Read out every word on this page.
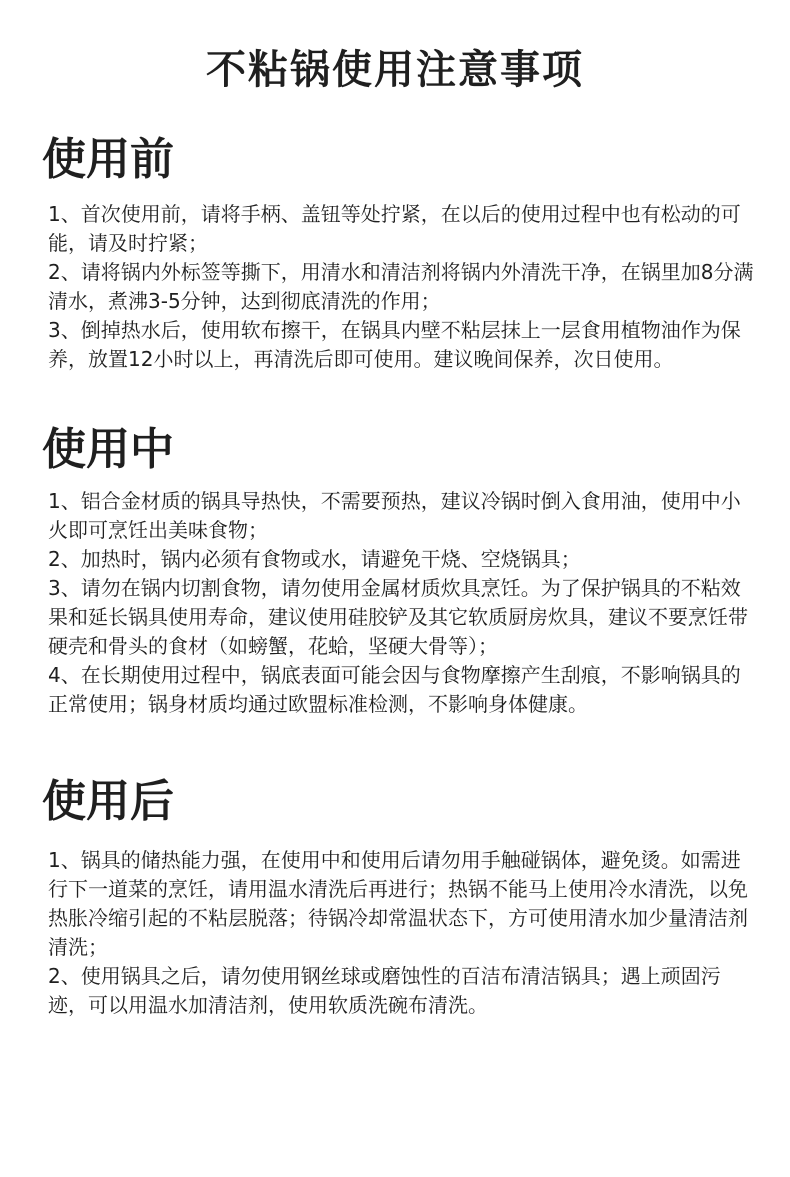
不粘锅使用注意事项
使用前

1、首次使用前，请将手柄、盖钮等处拧紧，在以后的使用过程中也有松动的可能，请及时拧紧；

2、请将锅内外标签等撕下，用清水和清洁剂将锅内外清洗干净，在锅里加8分满清水，煮沸3-5分钟，达到彻底清洗的作用；

3、倒掉热水后，使用软布擦干，在锅具内壁不粘层抹上一层食用植物油作为保养，放置12小时以上，再清洗后即可使用。建议晚间保养，次日使用。

使用中

1、铝合金材质的锅具导热快，不需要预热，建议冷锅时倒入食用油，使用中小火即可烹饪出美味食物；

2、加热时，锅内必须有食物或水，请避免干烧、空烧锅具；

3、请勿在锅内切割食物，请勿使用金属材质炊具烹饪。为了保护锅具的不粘效果和延长锅具使用寿命，建议使用硅胶铲及其它软质厨房炊具，建议不要烹饪带硬壳和骨头的食材（如螃蟹，花蛤，坚硬大骨等）；

4、在长期使用过程中，锅底表面可能会因与食物摩擦产生刮痕，不影响锅具的正常使用；锅身材质均通过欧盟标准检测，不影响身体健康。

使用后

1、锅具的储热能力强，在使用中和使用后请勿用手触碰锅体，避免烫。如需进行下一道菜的烹饪，请用温水清洗后再进行；热锅不能马上使用冷水清洗，以免热胀冷缩引起的不粘层脱落；待锅冷却常温状态下，方可使用清水加少量清洁剂清洗；

2、使用锅具之后，请勿使用钢丝球或磨蚀性的百洁布清洁锅具；遇上顽固污迹，可以用温水加清洁剂，使用软质洗碗布清洗。
